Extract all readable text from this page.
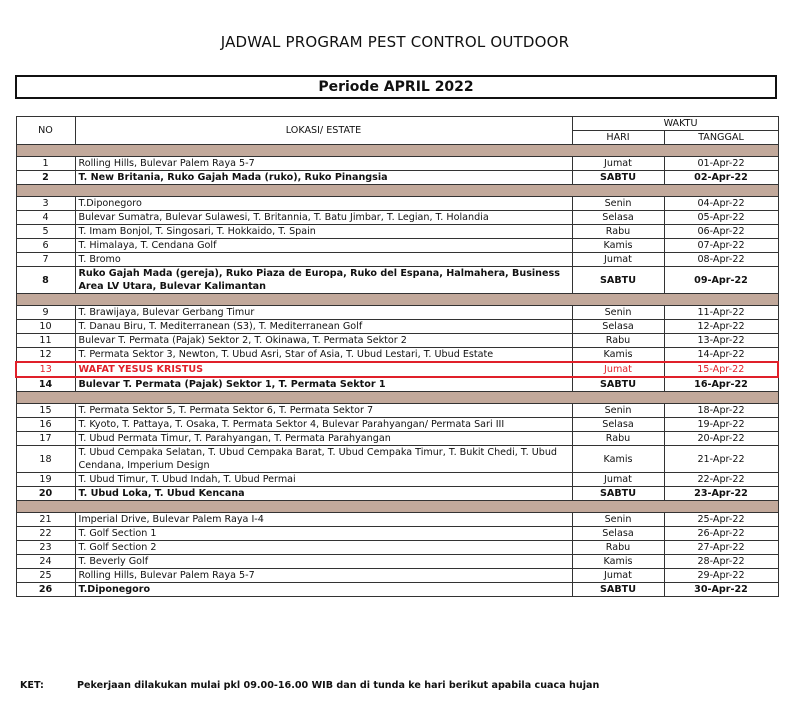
JADWAL PROGRAM PEST CONTROL OUTDOOR
Periode APRIL 2022
NO	LOKASI/ ESTATE	WAKTU	
		HARI	TANGGAL

1	Rolling Hills, Bulevar Palem Raya 5-7	Jumat	01-Apr-22
2	T. New Britania, Ruko Gajah Mada (ruko), Ruko Pinangsia	SABTU	02-Apr-22

3	T.Diponegoro	Senin	04-Apr-22
4	Bulevar Sumatra, Bulevar Sulawesi, T. Britannia, T. Batu Jimbar, T. Legian, T. Holandia	Selasa	05-Apr-22
5	T. Imam Bonjol, T. Singosari, T. Hokkaido, T. Spain	Rabu	06-Apr-22
6	T. Himalaya, T. Cendana Golf	Kamis	07-Apr-22
7	T. Bromo	Jumat	08-Apr-22
8	Ruko Gajah Mada (gereja), Ruko Piaza de Europa, Ruko del Espana, Halmahera, Business Area LV Utara, Bulevar Kalimantan	SABTU	09-Apr-22

9	T. Brawijaya, Bulevar Gerbang Timur	Senin	11-Apr-22
10	T. Danau Biru, T. Mediterranean (S3), T. Mediterranean Golf	Selasa	12-Apr-22
11	Bulevar T. Permata (Pajak) Sektor 2, T. Okinawa, T. Permata Sektor 2	Rabu	13-Apr-22
12	T. Permata Sektor 3, Newton, T. Ubud Asri, Star of Asia, T. Ubud Lestari, T. Ubud Estate	Kamis	14-Apr-22
13	WAFAT YESUS KRISTUS	Jumat	15-Apr-22
14	Bulevar T. Permata (Pajak) Sektor 1, T. Permata Sektor 1	SABTU	16-Apr-22

15	T. Permata Sektor 5, T. Permata Sektor 6, T. Permata Sektor 7	Senin	18-Apr-22
16	T. Kyoto, T. Pattaya, T. Osaka, T. Permata Sektor 4, Bulevar Parahyangan/ Permata Sari III	Selasa	19-Apr-22
17	T. Ubud Permata Timur, T. Parahyangan, T. Permata Parahyangan	Rabu	20-Apr-22
18	T. Ubud Cempaka Selatan, T. Ubud Cempaka Barat, T. Ubud Cempaka Timur, T. Bukit Chedi, T. Ubud Cendana, Imperium Design	Kamis	21-Apr-22
19	T. Ubud Timur, T. Ubud Indah, T. Ubud Permai	Jumat	22-Apr-22
20	T. Ubud Loka, T. Ubud Kencana	SABTU	23-Apr-22

21	Imperial Drive, Bulevar Palem Raya I-4	Senin	25-Apr-22
22	T. Golf Section 1	Selasa	26-Apr-22
23	T. Golf Section 2	Rabu	27-Apr-22
24	T. Beverly Golf	Kamis	28-Apr-22
25	Rolling Hills, Bulevar Palem Raya 5-7	Jumat	29-Apr-22
26	T.Diponegoro	SABTU	30-Apr-22
KET:	Pekerjaan dilakukan mulai pkl 09.00-16.00 WIB dan di tunda ke hari berikut apabila cuaca hujan
